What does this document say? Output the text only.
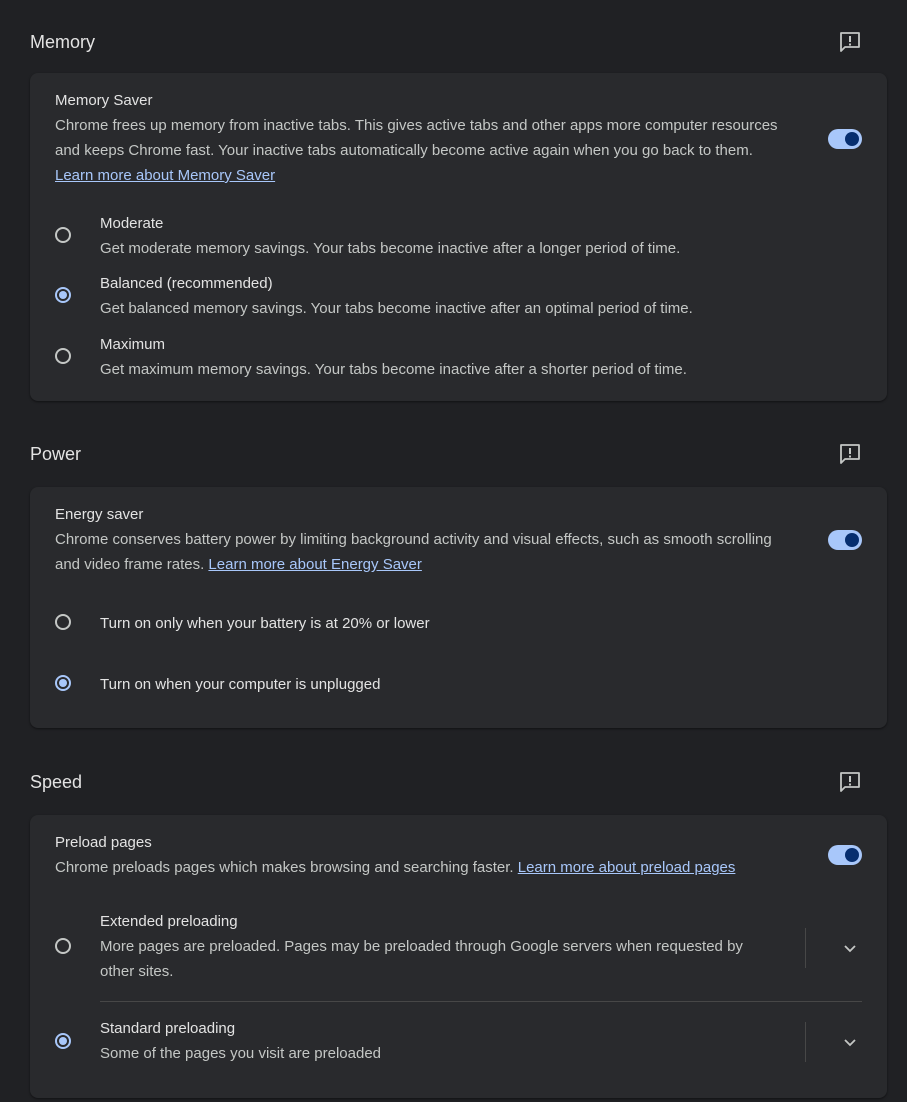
Memory
Memory Saver
Chrome frees up memory from inactive tabs. This gives active tabs and other apps more computer resources and keeps Chrome fast. Your inactive tabs automatically become active again when you go back to them. Learn more about Memory Saver
Moderate
Get moderate memory savings. Your tabs become inactive after a longer period of time.
Balanced (recommended)
Get balanced memory savings. Your tabs become inactive after an optimal period of time.
Maximum
Get maximum memory savings. Your tabs become inactive after a shorter period of time.
Power
Energy saver
Chrome conserves battery power by limiting background activity and visual effects, such as smooth scrolling and video frame rates. Learn more about Energy Saver
Turn on only when your battery is at 20% or lower
Turn on when your computer is unplugged
Speed
Preload pages
Chrome preloads pages which makes browsing and searching faster. Learn more about preload pages
Extended preloading
More pages are preloaded. Pages may be preloaded through Google servers when requested by other sites.
Standard preloading
Some of the pages you visit are preloaded
